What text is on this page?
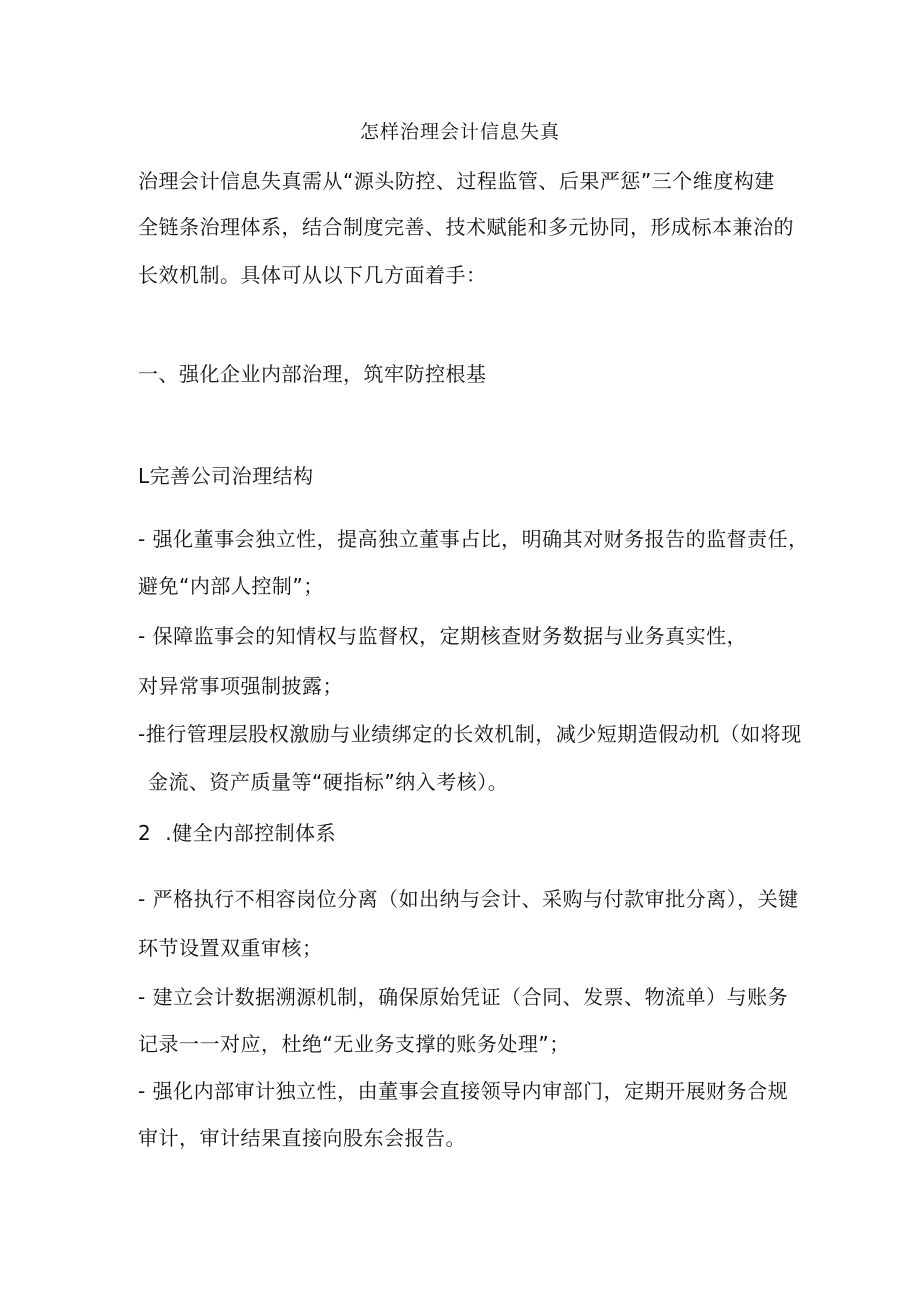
怎样治理会计信息失真
治理会计信息失真需从“源头防控、过程监管、后果严惩”三个维度构建
全链条治理体系，结合制度完善、技术赋能和多元协同，形成标本兼治的
长效机制。具体可从以下几方面着手：
一、强化企业内部治理，筑牢防控根基
L完善公司治理结构
- 强化董事会独立性，提高独立董事占比，明确其对财务报告的监督责任，
避免“内部人控制”；
- 保障监事会的知情权与监督权，定期核查财务数据与业务真实性，
对异常事项强制披露；
-推行管理层股权激励与业绩绑定的长效机制，减少短期造假动机（如将现
金流、资产质量等“硬指标”纳入考核）。
2 .健全内部控制体系
- 严格执行不相容岗位分离（如出纳与会计、采购与付款审批分离），关键
环节设置双重审核；
- 建立会计数据溯源机制，确保原始凭证（合同、发票、物流单）与账务
记录一一对应，杜绝“无业务支撑的账务处理”；
- 强化内部审计独立性，由董事会直接领导内审部门，定期开展财务合规
审计，审计结果直接向股东会报告。
